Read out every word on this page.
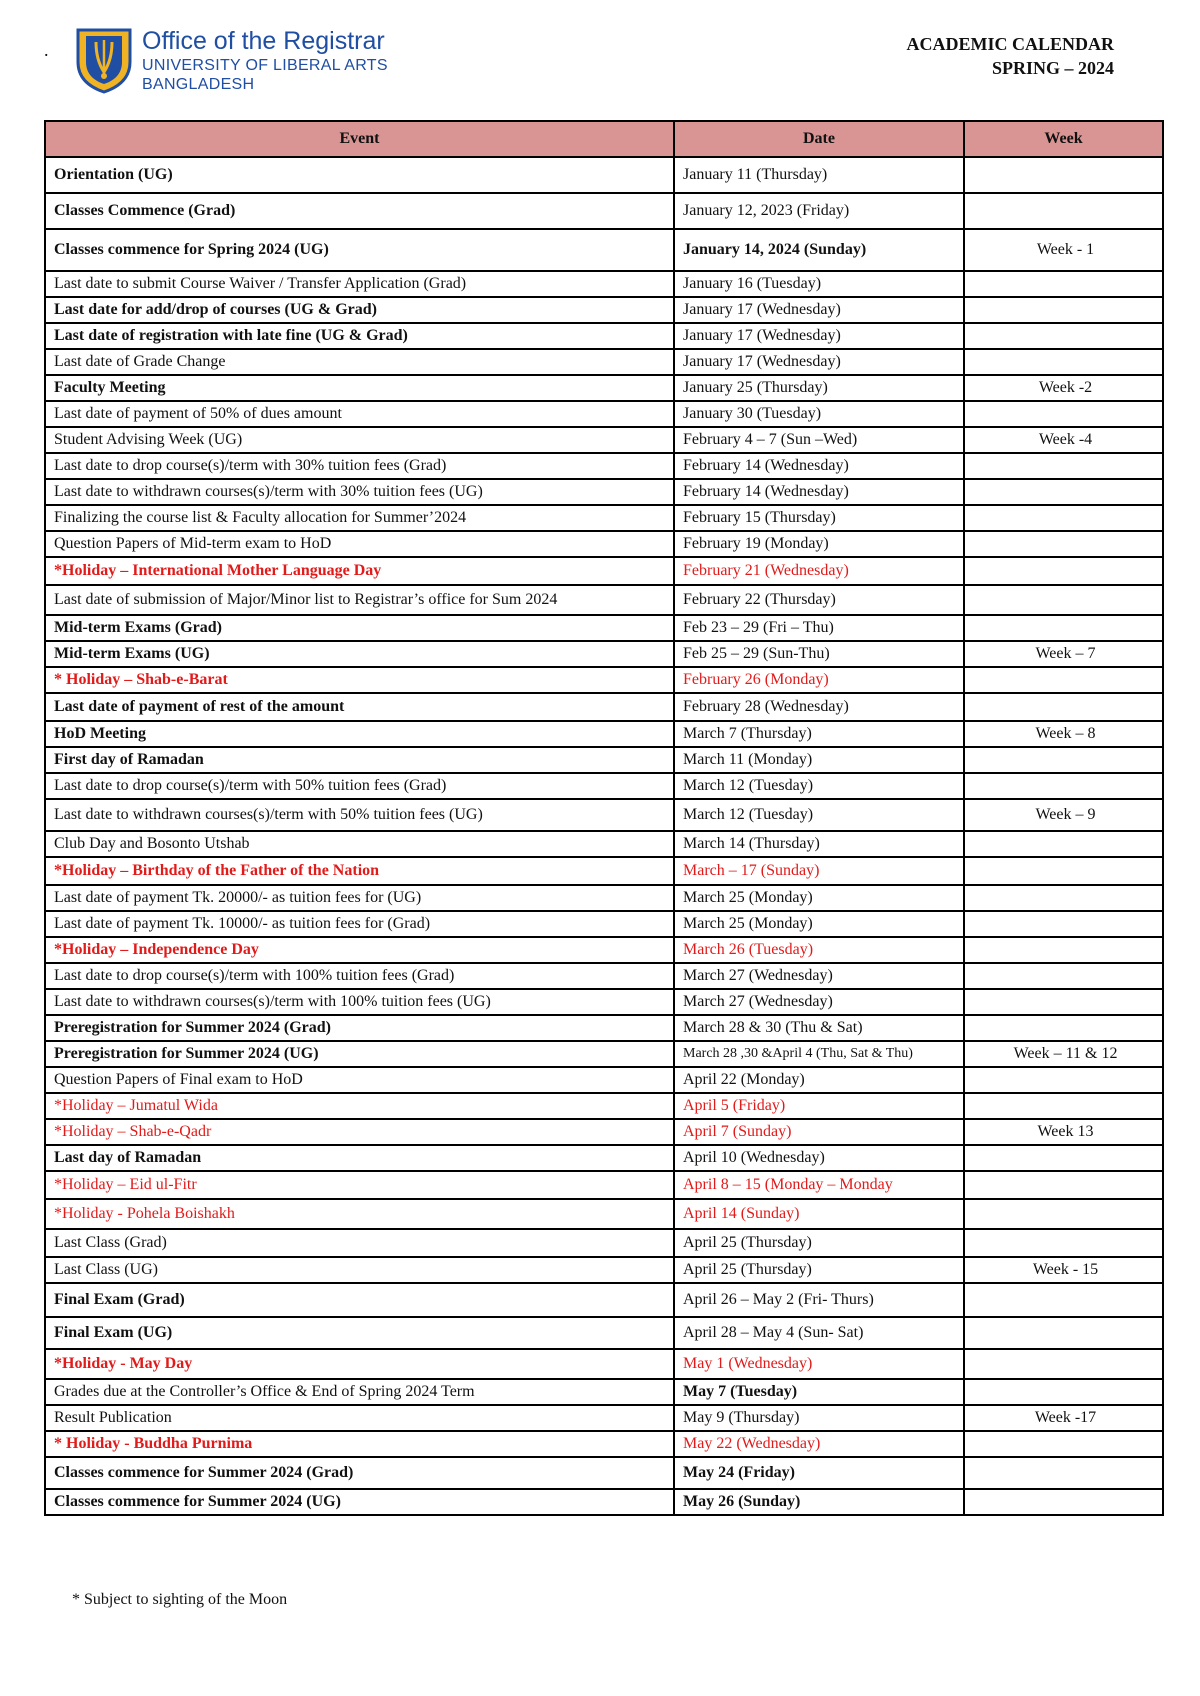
.	Office of the Registrar
UNIVERSITY OF LIBERAL ARTS
BANGLADESH
ACADEMIC CALENDAR
SPRING – 2024
Event	Date	Week
Orientation (UG)	January 11 (Thursday)	
Classes Commence (Grad)	January 12, 2023 (Friday)	
Classes commence for Spring 2024 (UG)	January 14, 2024 (Sunday)	Week - 1
Last date to submit Course Waiver / Transfer Application (Grad)	January 16 (Tuesday)	
Last date for add/drop of courses (UG & Grad)	January 17 (Wednesday)	
Last date of registration with late fine (UG & Grad)	January 17 (Wednesday)	
Last date of Grade Change	January 17 (Wednesday)	
Faculty Meeting	January 25 (Thursday)	Week -2
Last date of payment of 50% of dues amount	January 30 (Tuesday)	
Student Advising Week (UG)	February 4 – 7 (Sun –Wed)	Week -4
Last date to drop course(s)/term with 30% tuition fees (Grad)	February 14 (Wednesday)	
Last date to withdrawn courses(s)/term with 30% tuition fees (UG)	February 14 (Wednesday)	
Finalizing the course list & Faculty allocation for Summer’2024	February 15 (Thursday)	
Question Papers of Mid-term exam to HoD	February 19 (Monday)	
*Holiday – International Mother Language Day	February 21 (Wednesday)	
Last date of submission of Major/Minor list to Registrar’s office for Sum 2024	February 22 (Thursday)	
Mid-term Exams (Grad)	Feb 23 – 29 (Fri – Thu)	
Mid-term Exams (UG)	Feb 25 – 29 (Sun-Thu)	Week – 7
* Holiday – Shab-e-Barat	February 26 (Monday)	
Last date of payment of rest of the amount	February 28 (Wednesday)	
HoD Meeting	March 7 (Thursday)	Week – 8
First day of Ramadan	March 11 (Monday)	
Last date to drop course(s)/term with 50% tuition fees (Grad)	March 12 (Tuesday)	
Last date to withdrawn courses(s)/term with 50% tuition fees (UG)	March 12 (Tuesday)	Week – 9
Club Day and Bosonto Utshab	March 14 (Thursday)	
*Holiday – Birthday of the Father of the Nation	March – 17 (Sunday)	
Last date of payment Tk. 20000/- as tuition fees for (UG)	March 25 (Monday)	
Last date of payment Tk. 10000/- as tuition fees for (Grad)	March 25 (Monday)	
*Holiday – Independence Day	March 26 (Tuesday)	
Last date to drop course(s)/term with 100% tuition fees (Grad)	March 27 (Wednesday)	
Last date to withdrawn courses(s)/term with 100% tuition fees (UG)	March 27 (Wednesday)	
Preregistration for Summer 2024 (Grad)	March 28 & 30 (Thu & Sat)	
Preregistration for Summer 2024 (UG)	March 28 ,30 &April 4 (Thu, Sat & Thu)	Week – 11 & 12
Question Papers of Final exam to HoD	April 22 (Monday)	
*Holiday – Jumatul Wida	April 5 (Friday)	
*Holiday – Shab-e-Qadr	April 7 (Sunday)	Week 13
Last day of Ramadan	April 10 (Wednesday)	
*Holiday – Eid ul-Fitr	April 8 – 15 (Monday – Monday	
*Holiday - Pohela Boishakh	April 14 (Sunday)	
Last Class (Grad)	April 25 (Thursday)	
Last Class (UG)	April 25 (Thursday)	Week - 15
Final Exam (Grad)	April 26 – May 2 (Fri- Thurs)	
Final Exam (UG)	April 28 – May 4 (Sun- Sat)	
*Holiday - May Day	May 1 (Wednesday)	
Grades due at the Controller’s Office & End of Spring 2024 Term	May 7 (Tuesday)	
Result Publication	May 9 (Thursday)	Week -17
* Holiday - Buddha Purnima	May 22 (Wednesday)	
Classes commence for Summer 2024 (Grad)	May 24 (Friday)	
Classes commence for Summer 2024 (UG)	May 26 (Sunday)	
* Subject to sighting of the Moon
